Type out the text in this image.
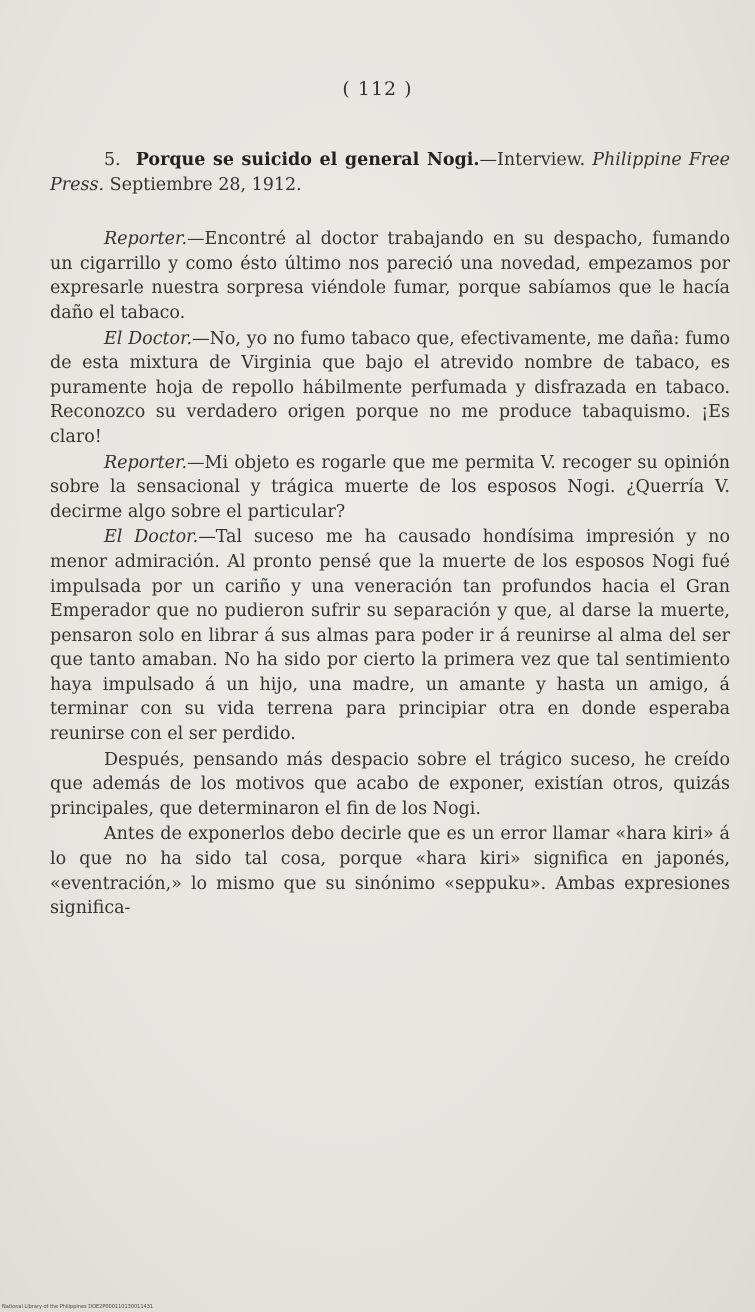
( 112 )

5. Porque se suicido el general Nogi.—Interview. Philippine Free Press. Septiembre 28, 1912.

Reporter.—Encontré al doctor trabajando en su despacho, fumando un cigarrillo y como ésto último nos pareció una novedad, empezamos por expresarle nuestra sorpresa viéndole fumar, porque sabíamos que le hacía daño el tabaco.

El Doctor.—No, yo no fumo tabaco que, efectivamente, me daña: fumo de esta mixtura de Virginia que bajo el atrevido nombre de tabaco, es puramente hoja de repollo hábilmente perfumada y disfrazada en tabaco. Reconozco su verdadero origen porque no me produce tabaquismo. ¡Es claro!

Reporter.—Mi objeto es rogarle que me permita V. recoger su opinión sobre la sensacional y trágica muerte de los esposos Nogi. ¿Querría V. decirme algo sobre el particular?

El Doctor.—Tal suceso me ha causado hondísima impresión y no menor admiración. Al pronto pensé que la muerte de los esposos Nogi fué impulsada por un cariño y una veneración tan profundos hacia el Gran Emperador que no pudieron sufrir su separación y que, al darse la muerte, pensaron solo en librar á sus almas para poder ir á reunirse al alma del ser que tanto amaban. No ha sido por cierto la primera vez que tal sentimiento haya impulsado á un hijo, una madre, un amante y hasta un amigo, á terminar con su vida terrena para principiar otra en donde esperaba reunirse con el ser perdido.

Después, pensando más despacio sobre el trágico suceso, he creído que además de los motivos que acabo de exponer, existían otros, quizás principales, que determinaron el fin de los Nogi.

Antes de exponerlos debo decirle que es un error llamar «hara kiri» á lo que no ha sido tal cosa, porque «hara kiri» significa en japonés, «eventración,» lo mismo que su sinónimo «seppuku». Ambas expresiones significa-

National Library of the Philippines DOE2P000110130011431
